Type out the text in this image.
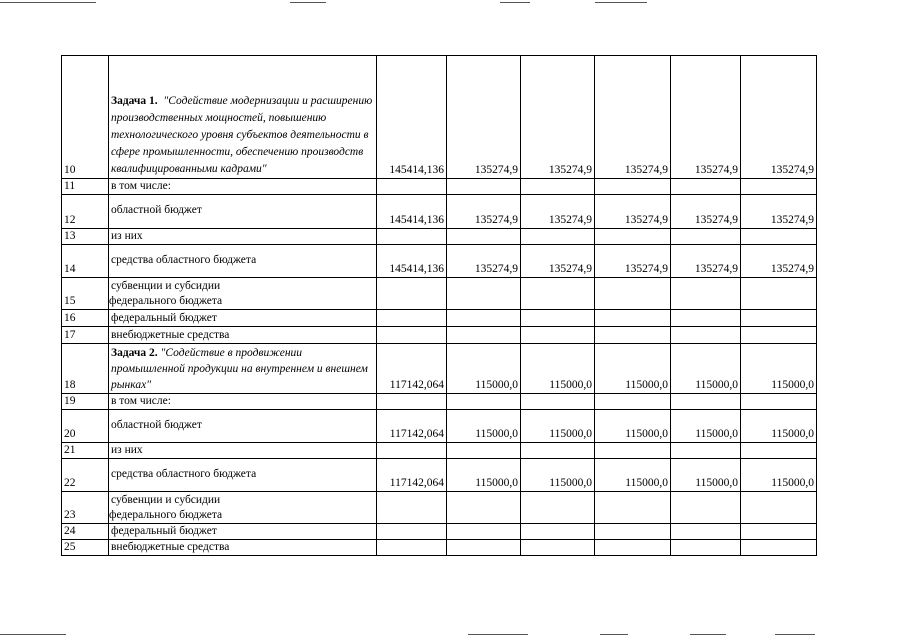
10	Задача 1. "Содействие модернизации и расширению производственных мощностей, повышению технологического уровня субъектов деятельности в сфере промышленности, обеспечению производств квалифицированными кадрами"	145414,136	135274,9	135274,9	135274,9	135274,9	135274,9
11	в том числе:						
12	областной бюджет	145414,136	135274,9	135274,9	135274,9	135274,9	135274,9
13	из них						
14	средства областного бюджета	145414,136	135274,9	135274,9	135274,9	135274,9	135274,9
15	субвенции и субсидии
федерального бюджета						

16	федеральный бюджет						
17	внебюджетные средства						
18	Задача 2. "Содействие в продвижении промышленной продукции на внутреннем и внешнем рынках"	117142,064	115000,0	115000,0	115000,0	115000,0	115000,0
19	в том числе:						
20	областной бюджет	117142,064	115000,0	115000,0	115000,0	115000,0	115000,0
21	из них						
22	средства областного бюджета	117142,064	115000,0	115000,0	115000,0	115000,0	115000,0
23	субвенции и субсидии
федерального бюджета						

24	федеральный бюджет						
25	внебюджетные средства						
